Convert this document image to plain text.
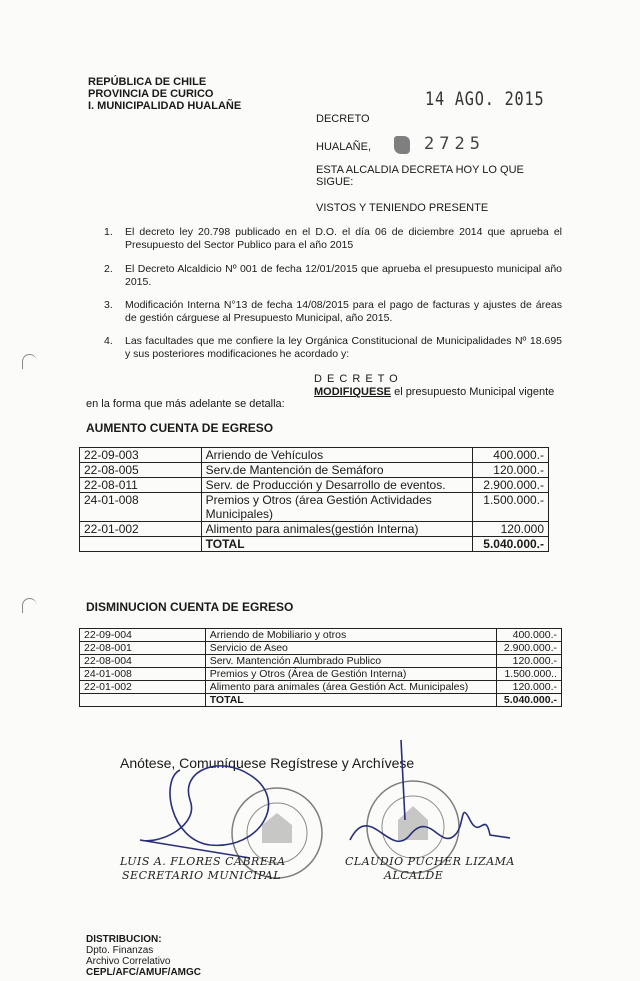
REPÚBLICA DE CHILE
PROVINCIA DE CURICO
I. MUNICIPALIDAD HUALAÑE	14 AGO. 2015
DECRETO
HUALAÑE,	2725
ESTA ALCALDIA DECRETA HOY LO QUE
SIGUE:
VISTOS Y TENIENDO PRESENTE
1. El decreto ley 20.798 publicado en el D.O. el día 06 de diciembre 2014 que aprueba el Presupuesto del Sector Publico para el año 2015
2. El Decreto Alcaldicio Nº 001 de fecha 12/01/2015 que aprueba el presupuesto municipal año 2015.
3. Modificación Interna N°13 de fecha 14/08/2015 para el pago de facturas y ajustes de áreas de gestión cárguese al Presupuesto Municipal, año 2015.
4. Las facultades que me confiere la ley Orgánica Constitucional de Municipalidades Nº 18.695 y sus posteriores modificaciones he acordado y:
D E C R E T O
MODIFIQUESE el presupuesto Municipal vigente
en la forma que más adelante se detalla:
AUMENTO CUENTA DE EGRESO
22-09-003	Arriendo de Vehículos	400.000.-
22-08-005	Serv.de Mantención de Semáforo	120.000.-
22-08-011	Serv. de Producción y Desarrollo de eventos.	2.900.000.-
24-01-008	Premios y Otros (área Gestión Actividades Municipales)	1.500.000.-
22-01-002	Alimento para animales(gestión Interna)	120.000
	TOTAL	5.040.000.-
DISMINUCION CUENTA DE EGRESO
22-09-004	Arriendo de Mobiliario y otros	400.000.-
22-08-001	Servicio de Aseo	2.900.000.-
22-08-004	Serv. Mantención Alumbrado Publico	120.000.-
24-01-008	Premios y Otros (Área de Gestión Interna)	1.500.000..
22-01-002	Alimento para animales (área Gestión Act. Municipales)	120.000.-
	TOTAL	5.040.000.-
Anótese, Comuníquese Regístrese y Archívese
LUIS A. FLORES CABRERA
SECRETARIO MUNICIPAL
CLAUDIO PUCHER LIZAMA
ALCALDE
DISTRIBUCION:
Dpto. Finanzas
Archivo Correlativo
CEPL/AFC/AMUF/AMGC
